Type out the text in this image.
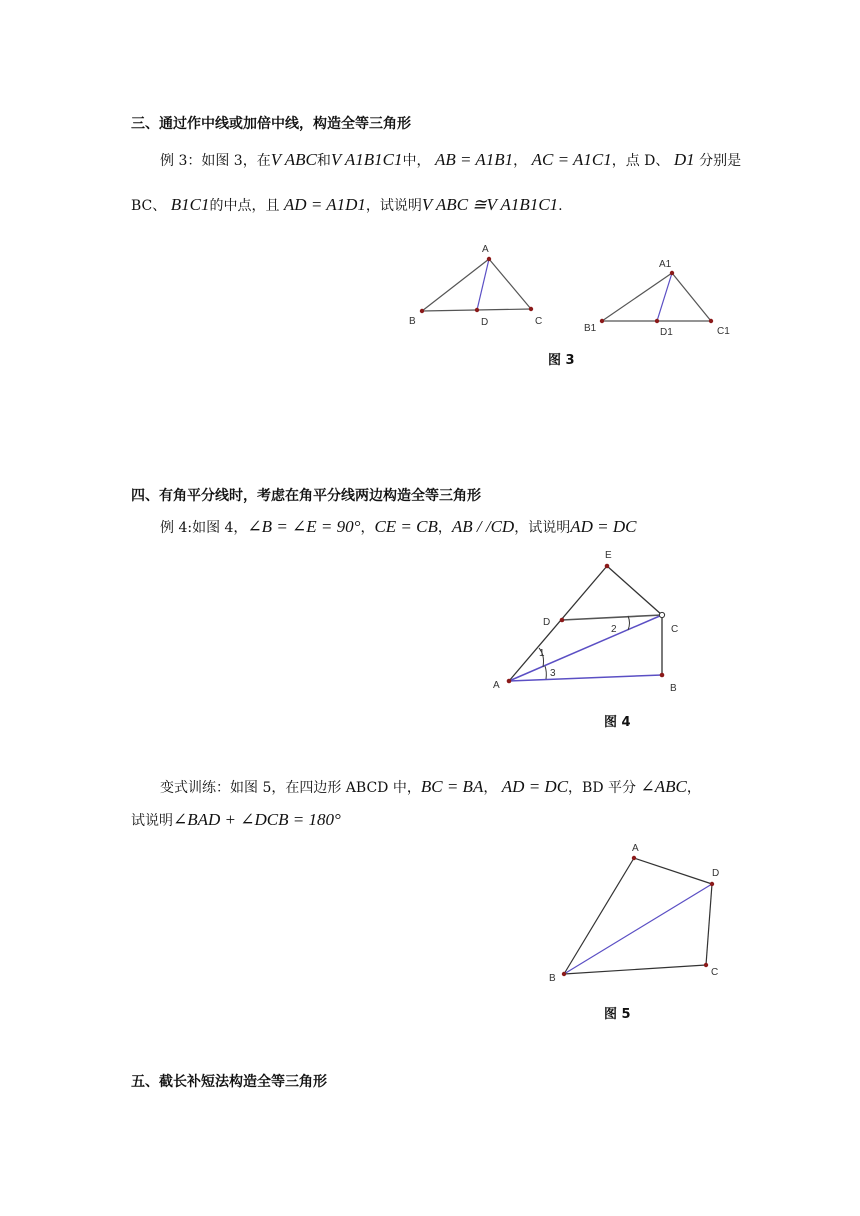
三、通过作中线或加倍中线，构造全等三角形
例 3：如图 3，在V ABC和V A1B1C1中， AB = A1B1， AC = A1C1，点 D、 D1 分别是
BC、 B1C1的中点，且 AD = A1D1，试说明V ABC ≅V A1B1C1.
A
B	D	C
A1
B1	D1	C1
图 3
四、有角平分线时，考虑在角平分线两边构造全等三角形
例 4:如图 4，∠B = ∠E = 90°，CE = CB，AB / /CD，试说明AD = DC
E
D
C
A	B
1
2
3
图 4
变式训练：如图 5，在四边形 ABCD 中，BC = BA， AD = DC，BD 平分 ∠ABC，
试说明∠BAD + ∠DCB = 180°
A
D
B
C
图 5
五、截长补短法构造全等三角形
